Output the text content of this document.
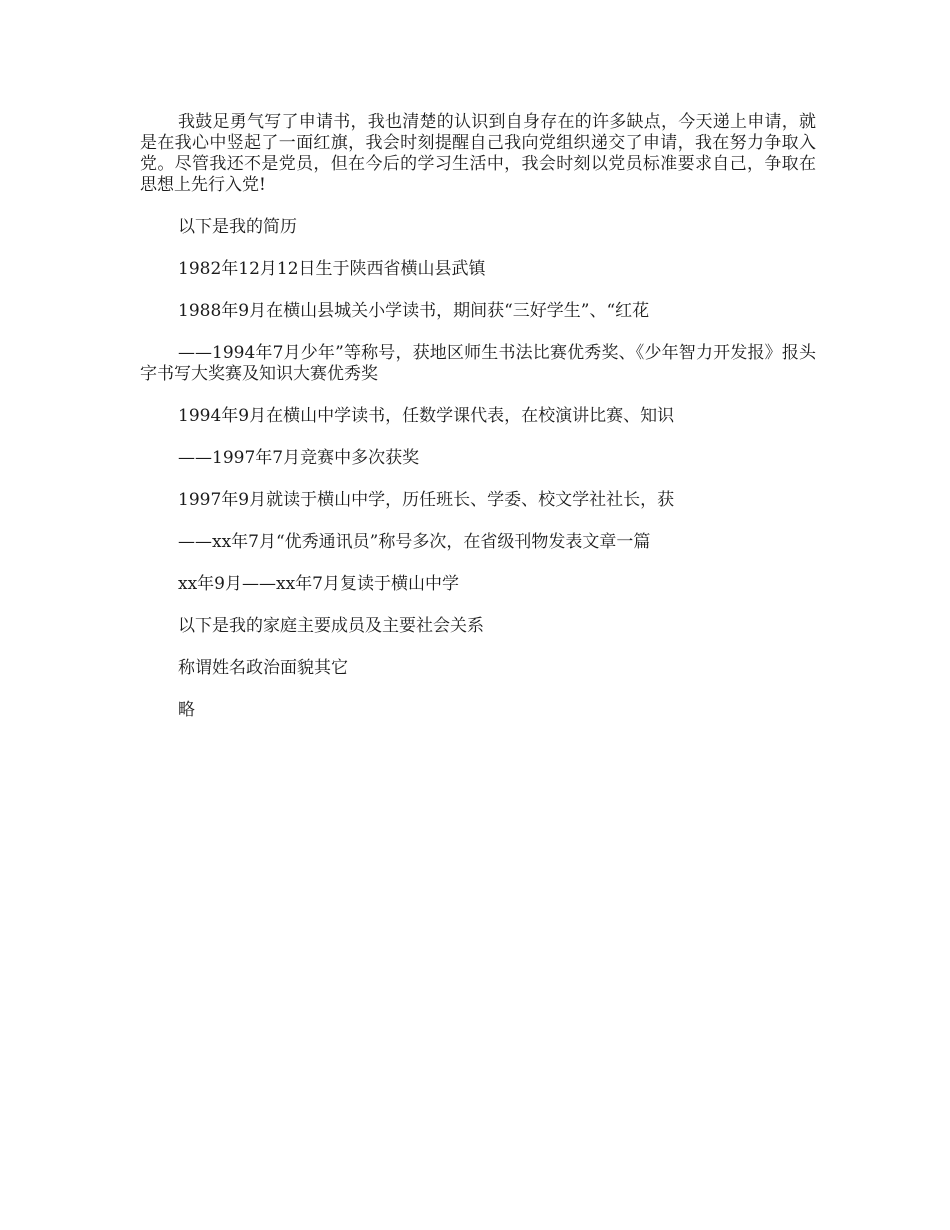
我鼓足勇气写了申请书，我也清楚的认识到自身存在的许多缺点，今天递上申请，就是在我心中竖起了一面红旗，我会时刻提醒自己我向党组织递交了申请，我在努力争取入党。尽管我还不是党员，但在今后的学习生活中，我会时刻以党员标准要求自己，争取在思想上先行入党!

以下是我的简历

1982年12月12日生于陕西省横山县武镇

1988年9月在横山县城关小学读书，期间获“三好学生”、“红花

——1994年7月少年”等称号，获地区师生书法比赛优秀奖、《少年智力开发报》报头字书写大奖赛及知识大赛优秀奖

1994年9月在横山中学读书，任数学课代表，在校演讲比赛、知识

——1997年7月竞赛中多次获奖

1997年9月就读于横山中学，历任班长、学委、校文学社社长，获

——xx年7月“优秀通讯员”称号多次，在省级刊物发表文章一篇

xx年9月——xx年7月复读于横山中学

以下是我的家庭主要成员及主要社会关系

称谓姓名政治面貌其它

略
